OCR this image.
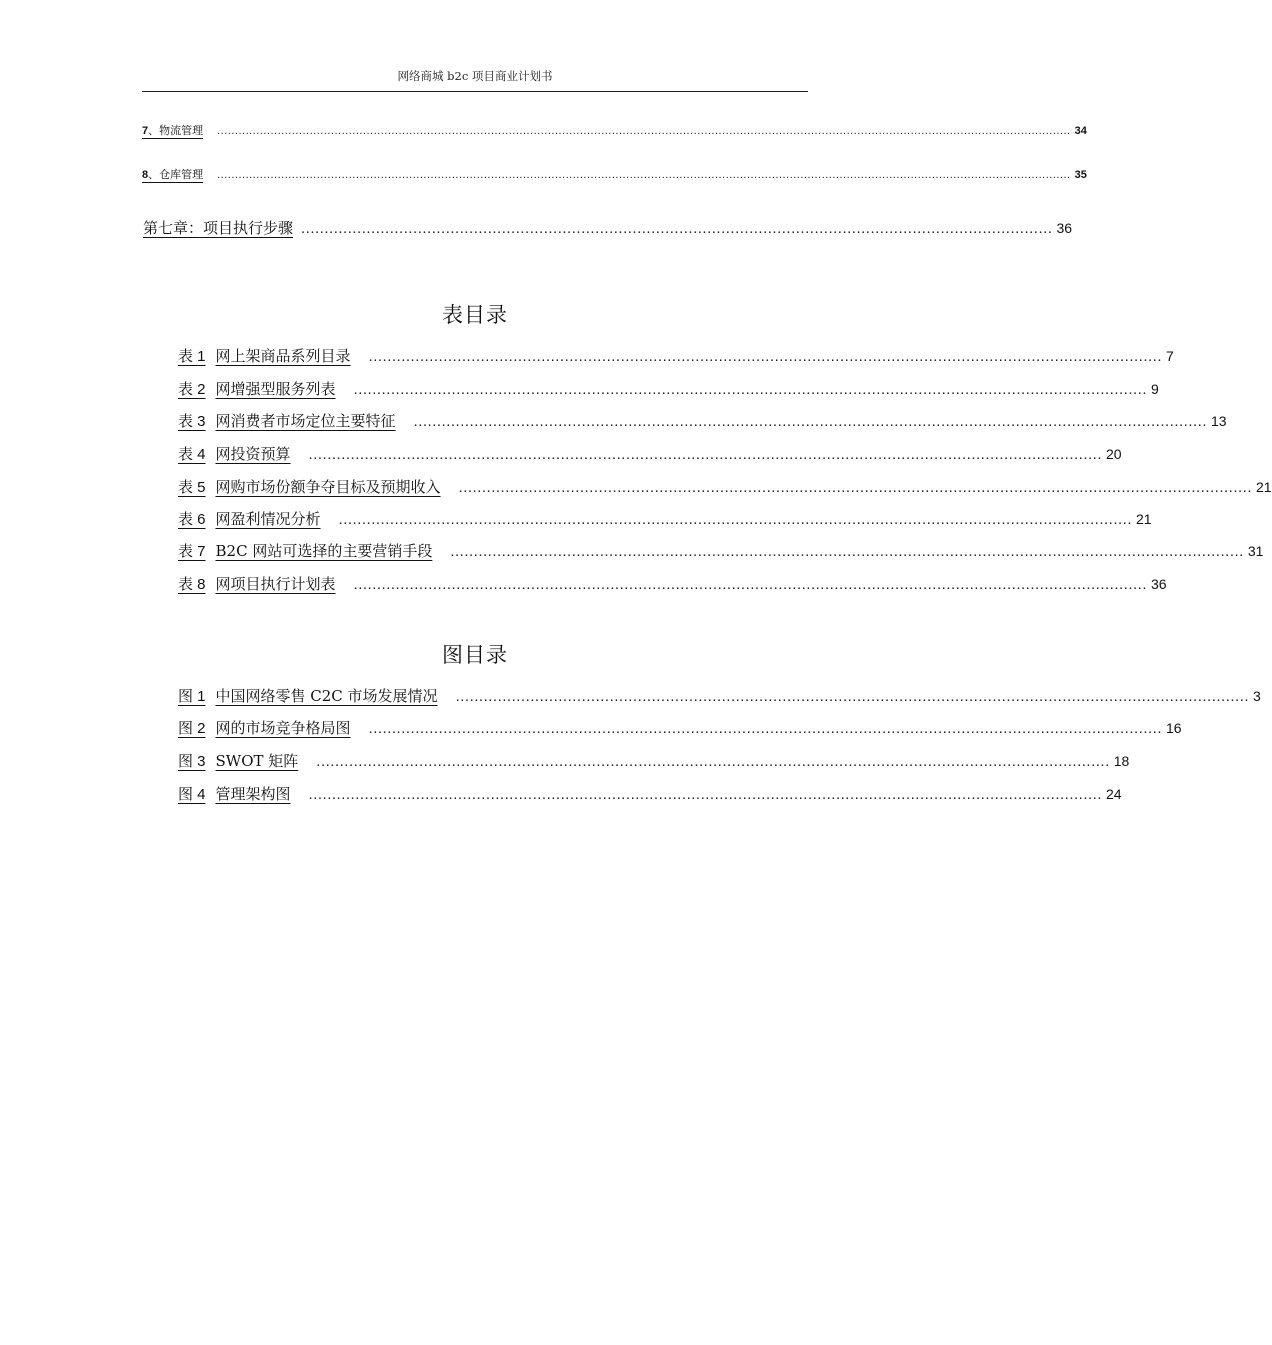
网络商城 b2c 项目商业计划书
7、物流管理	................................................................................................................................................................................................................................................ 34
8、仓库管理	................................................................................................................................................................................................................................................ 35
第七章：项目执行步骤 ................................................................................................................................................................. 36
表目录
表 1 网上架商品系列目录	.......................................................................................................................................................................... 7
表 2 网增强型服务列表	.......................................................................................................................................................................... 9
表 3 网消费者市场定位主要特征	.......................................................................................................................................................................... 13
表 4 网投资预算	.......................................................................................................................................................................... 20
表 5 网购市场份额争夺目标及预期收入	.......................................................................................................................................................................... 21
表 6 网盈利情况分析	.......................................................................................................................................................................... 21
表 7 B2C 网站可选择的主要营销手段	.......................................................................................................................................................................... 31
表 8 网项目执行计划表	.......................................................................................................................................................................... 36
图目录
图 1 中国网络零售 C2C 市场发展情况	.......................................................................................................................................................................... 3
图 2 网的市场竞争格局图	.......................................................................................................................................................................... 16
图 3 SWOT 矩阵	.......................................................................................................................................................................... 18
图 4 管理架构图	.......................................................................................................................................................................... 24
